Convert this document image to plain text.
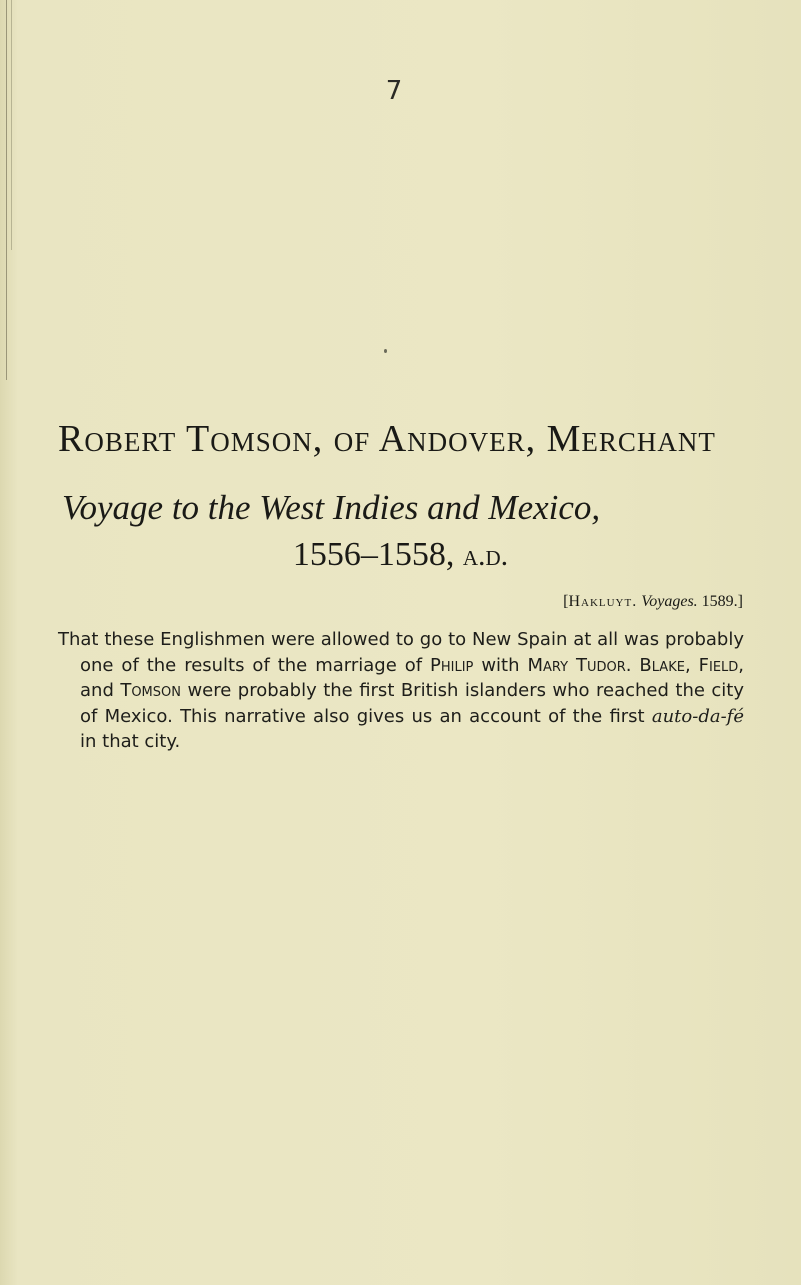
7
Robert Tomson, of Andover, Merchant
Voyage to the West Indies and Mexico,
1556–1558, a.d.
[Hakluyt. Voyages. 1589.]

That these Englishmen were allowed to go to New Spain at all was probably one of the results of the marriage of Philip with Mary Tudor. Blake, Field, and Tomson were probably the first British islanders who reached the city of Mexico. This narrative also gives us an account of the first auto-da-fé in that city.
